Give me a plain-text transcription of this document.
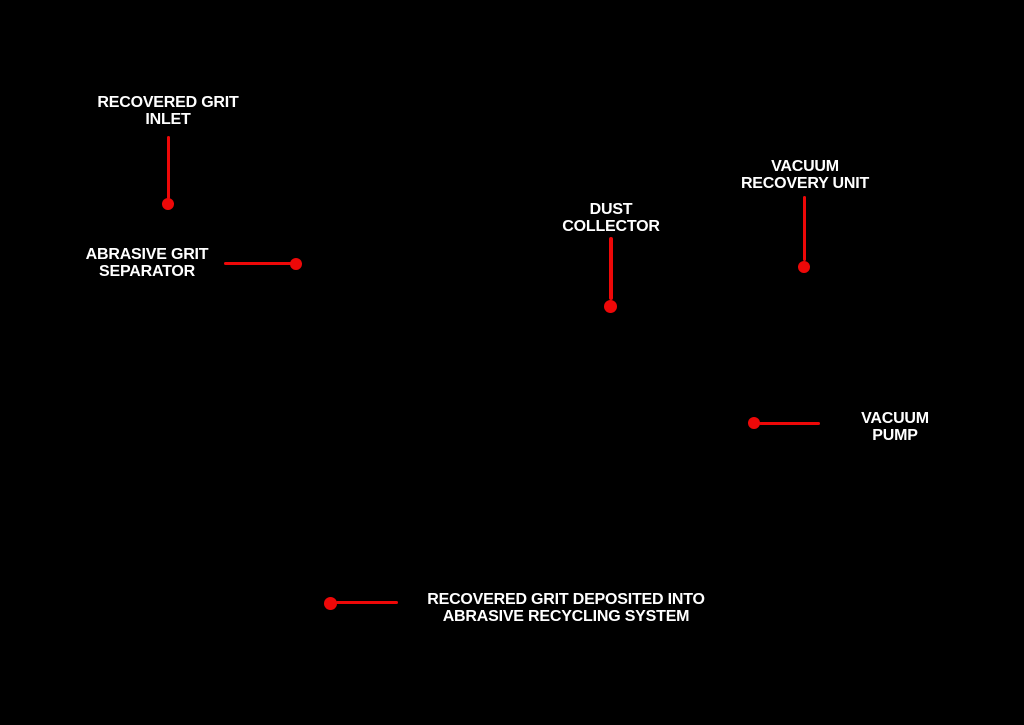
RECOVERED GRIT
INLET
ABRASIVE GRIT
SEPARATOR
DUST
COLLECTOR
VACUUM
RECOVERY UNIT
VACUUM
PUMP
RECOVERED GRIT DEPOSITED INTO
ABRASIVE RECYCLING SYSTEM
